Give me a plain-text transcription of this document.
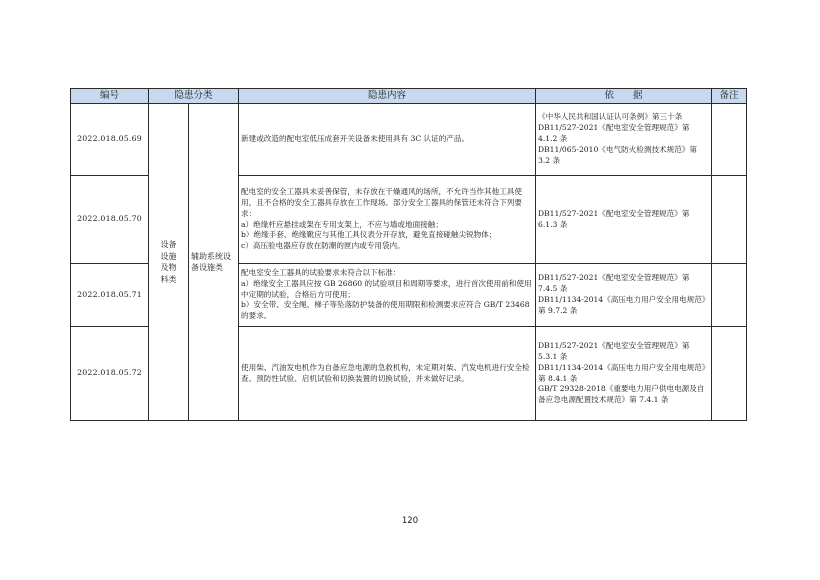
编号	隐患分类		隐患内容	依　　据	备注
2022.018.05.69	设备设施及物料类	辅助系统设备设施类	新建或改造的配电室低压成套开关设备未使用具有 3C 认证的产品。	《中华人民共和国认证认可条例》第三十条
DB11/527-2021《配电室安全管理规范》第 4.1.2 条
DB11/065-2010《电气防火检测技术规范》第 3.2 条	

2022.018.05.70			配电室的安全工器具未妥善保管，未存放在干燥通风的场所，不允许当作其他工具使用，且不合格的安全工器具存放在工作现场。部分安全工器具的保管还未符合下列要求：
a）绝缘杆应悬挂或架在专用支架上，不应与墙或地面接触；
b）绝缘手套、绝缘靴应与其他工具仪表分开存放，避免直接碰触尖锐物体；
c）高压验电器应存放在防潮的匣内或专用袋内。	DB11/527-2021《配电室安全管理规范》第 6.1.3 条	

2022.018.05.71			配电室安全工器具的试验要求未符合以下标准：
a）绝缘安全工器具应按 GB 26860 的试验项目和周期等要求，进行首次使用前和使用中定期的试验，合格后方可使用；
b）安全带、安全绳、梯子等坠落防护装备的使用期限和检测要求应符合 GB/T 23468 的要求。	DB11/527-2021《配电室安全管理规范》第 7.4.5 条
DB11/1134-2014《高压电力用户安全用电规范》第 9.7.2 条	

2022.018.05.72			使用柴、汽油发电机作为自备应急电源的急救机构，未定期对柴、汽发电机进行安全检查、预防性试验、启机试验和切换装置的切换试验，并未做好记录。	DB11/527-2021《配电室安全管理规范》第 5.3.1 条
DB11/1134-2014《高压电力用户安全用电规范》第 8.4.1 条
GB/T 29328-2018《重要电力用户供电电源及自备应急电源配置技术规范》第 7.4.1 条	

120
